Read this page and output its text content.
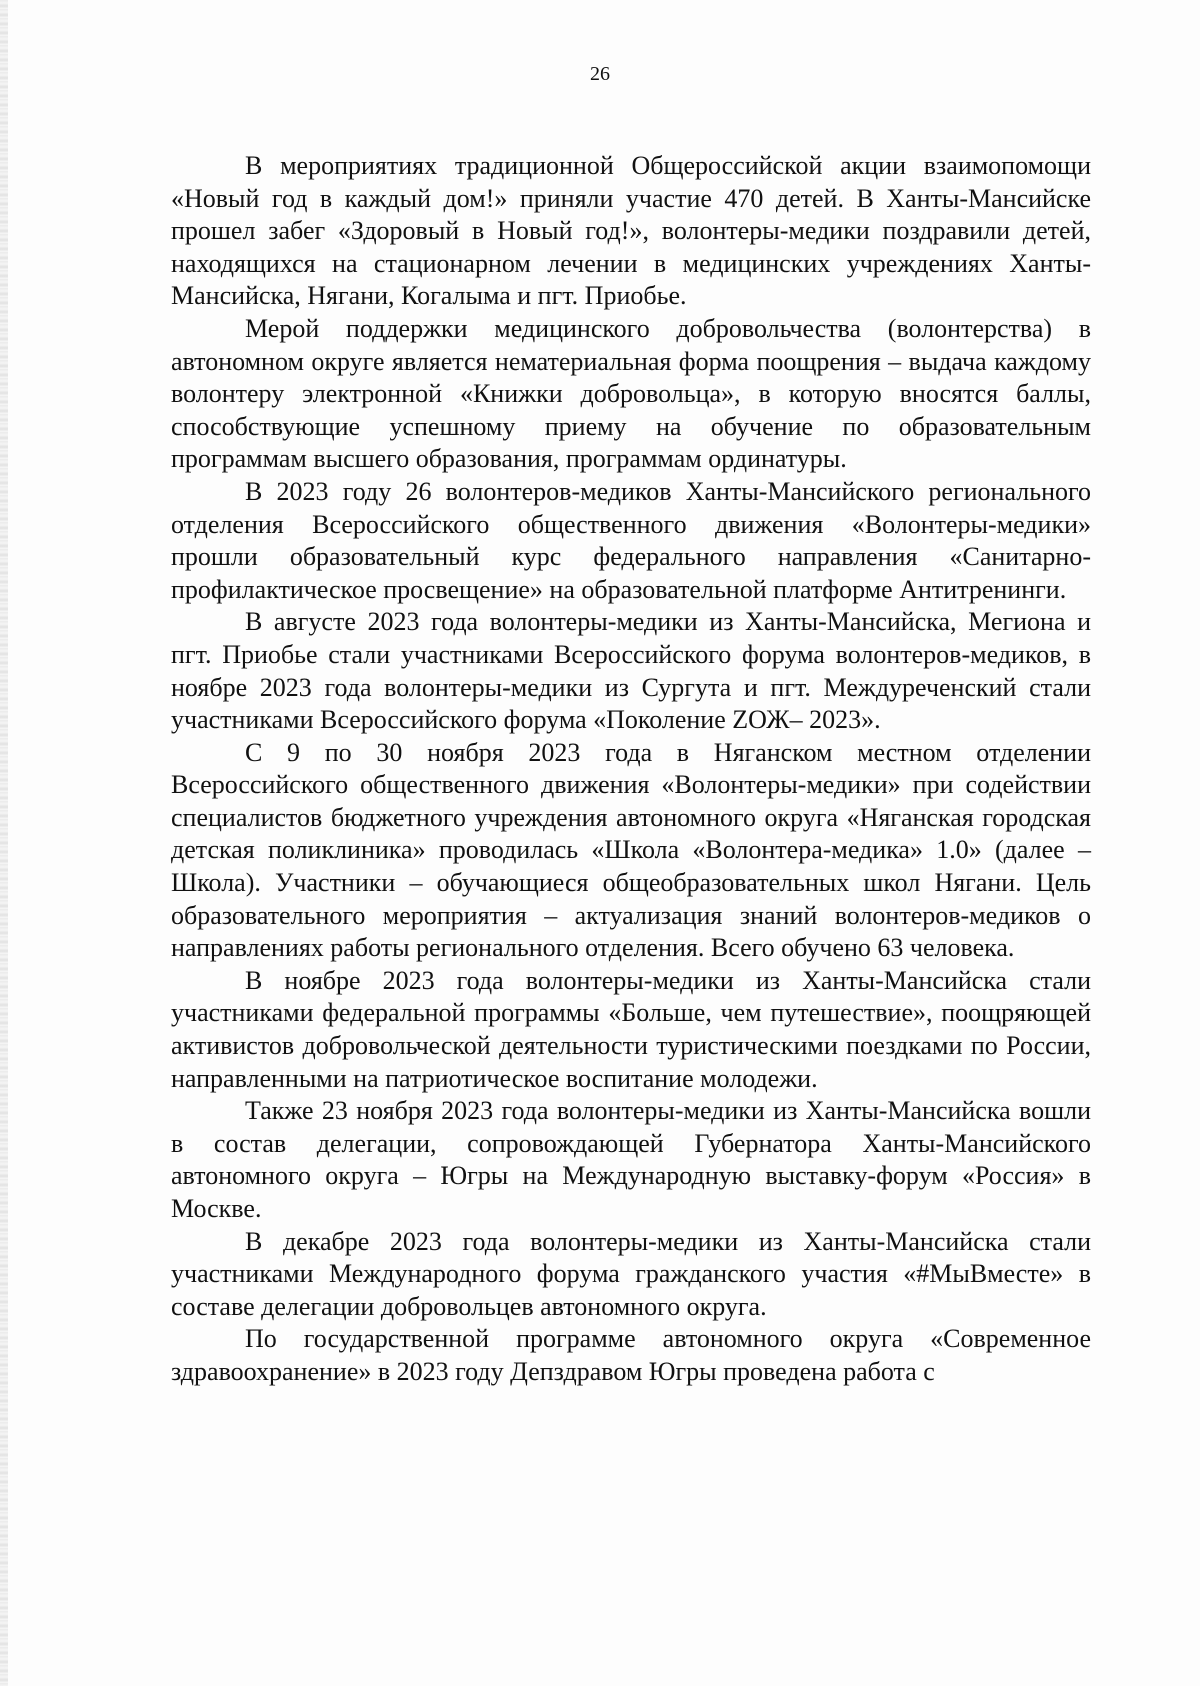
26

В мероприятиях традиционной Общероссийской акции взаимопомощи «Новый год в каждый дом!» приняли участие 470 детей. В Ханты-Мансийске прошел забег «Здоровый в Новый год!», волонтеры-медики поздравили детей, находящихся на стационарном лечении в медицинских учреждениях Ханты-Мансийска, Нягани, Когалыма и пгт. Приобье.

Мерой поддержки медицинского добровольчества (волонтерства) в автономном округе является нематериальная форма поощрения – выдача каждому волонтеру электронной «Книжки добровольца», в которую вносятся баллы, способствующие успешному приему на обучение по образовательным программам высшего образования, программам ординатуры.

В 2023 году 26 волонтеров-медиков Ханты-Мансийского регионального отделения Всероссийского общественного движения «Волонтеры-медики» прошли образовательный курс федерального направления «Санитарно-профилактическое просвещение» на образовательной платформе Антитренинги.

В августе 2023 года волонтеры-медики из Ханты-Мансийска, Мегиона и пгт. Приобье стали участниками Всероссийского форума волонтеров-медиков, в ноябре 2023 года волонтеры-медики из Сургута и пгт. Междуреченский стали участниками Всероссийского форума «Поколение ZОЖ– 2023».

С 9 по 30 ноября 2023 года в Няганском местном отделении Всероссийского общественного движения «Волонтеры-медики» при содействии специалистов бюджетного учреждения автономного округа «Няганская городская детская поликлиника» проводилась «Школа «Волонтера-медика» 1.0» (далее – Школа). Участники – обучающиеся общеобразовательных школ Нягани. Цель образовательного мероприятия – актуализация знаний волонтеров-медиков о направлениях работы регионального отделения. Всего обучено 63 человека.

В ноябре 2023 года волонтеры-медики из Ханты-Мансийска стали участниками федеральной программы «Больше, чем путешествие», поощряющей активистов добровольческой деятельности туристическими поездками по России, направленными на патриотическое воспитание молодежи.

Также 23 ноября 2023 года волонтеры-медики из Ханты-Мансийска вошли в состав делегации, сопровождающей Губернатора Ханты-Мансийского автономного округа – Югры на Международную выставку-форум «Россия» в Москве.

В декабре 2023 года волонтеры-медики из Ханты-Мансийска стали участниками Международного форума гражданского участия «#МыВместе» в составе делегации добровольцев автономного округа.

По государственной программе автономного округа «Современное здравоохранение» в 2023 году Депздравом Югры проведена работа с
